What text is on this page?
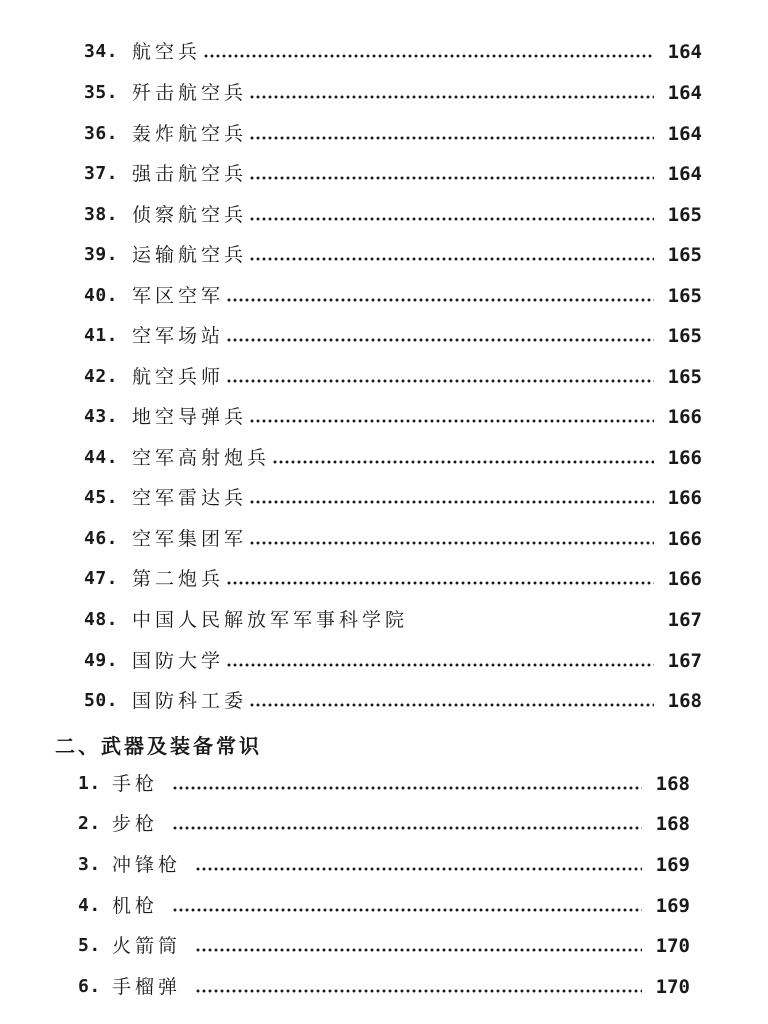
34. 航空兵	164
35. 歼击航空兵	164
36. 轰炸航空兵	164
37. 强击航空兵	164
38. 侦察航空兵	165
39. 运输航空兵	165
40. 军区空军	165
41. 空军场站	165
42. 航空兵师	165
43. 地空导弹兵	166
44. 空军高射炮兵	166
45. 空军雷达兵	166
46. 空军集团军	166
47. 第二炮兵	166
48. 中国人民解放军军事科学院	167
49. 国防大学	167
50. 国防科工委	168
二、武器及装备常识
1. 手枪	168
2. 步枪	168
3. 冲锋枪	169
4. 机枪	169
5. 火箭筒	170
6. 手榴弹	170
